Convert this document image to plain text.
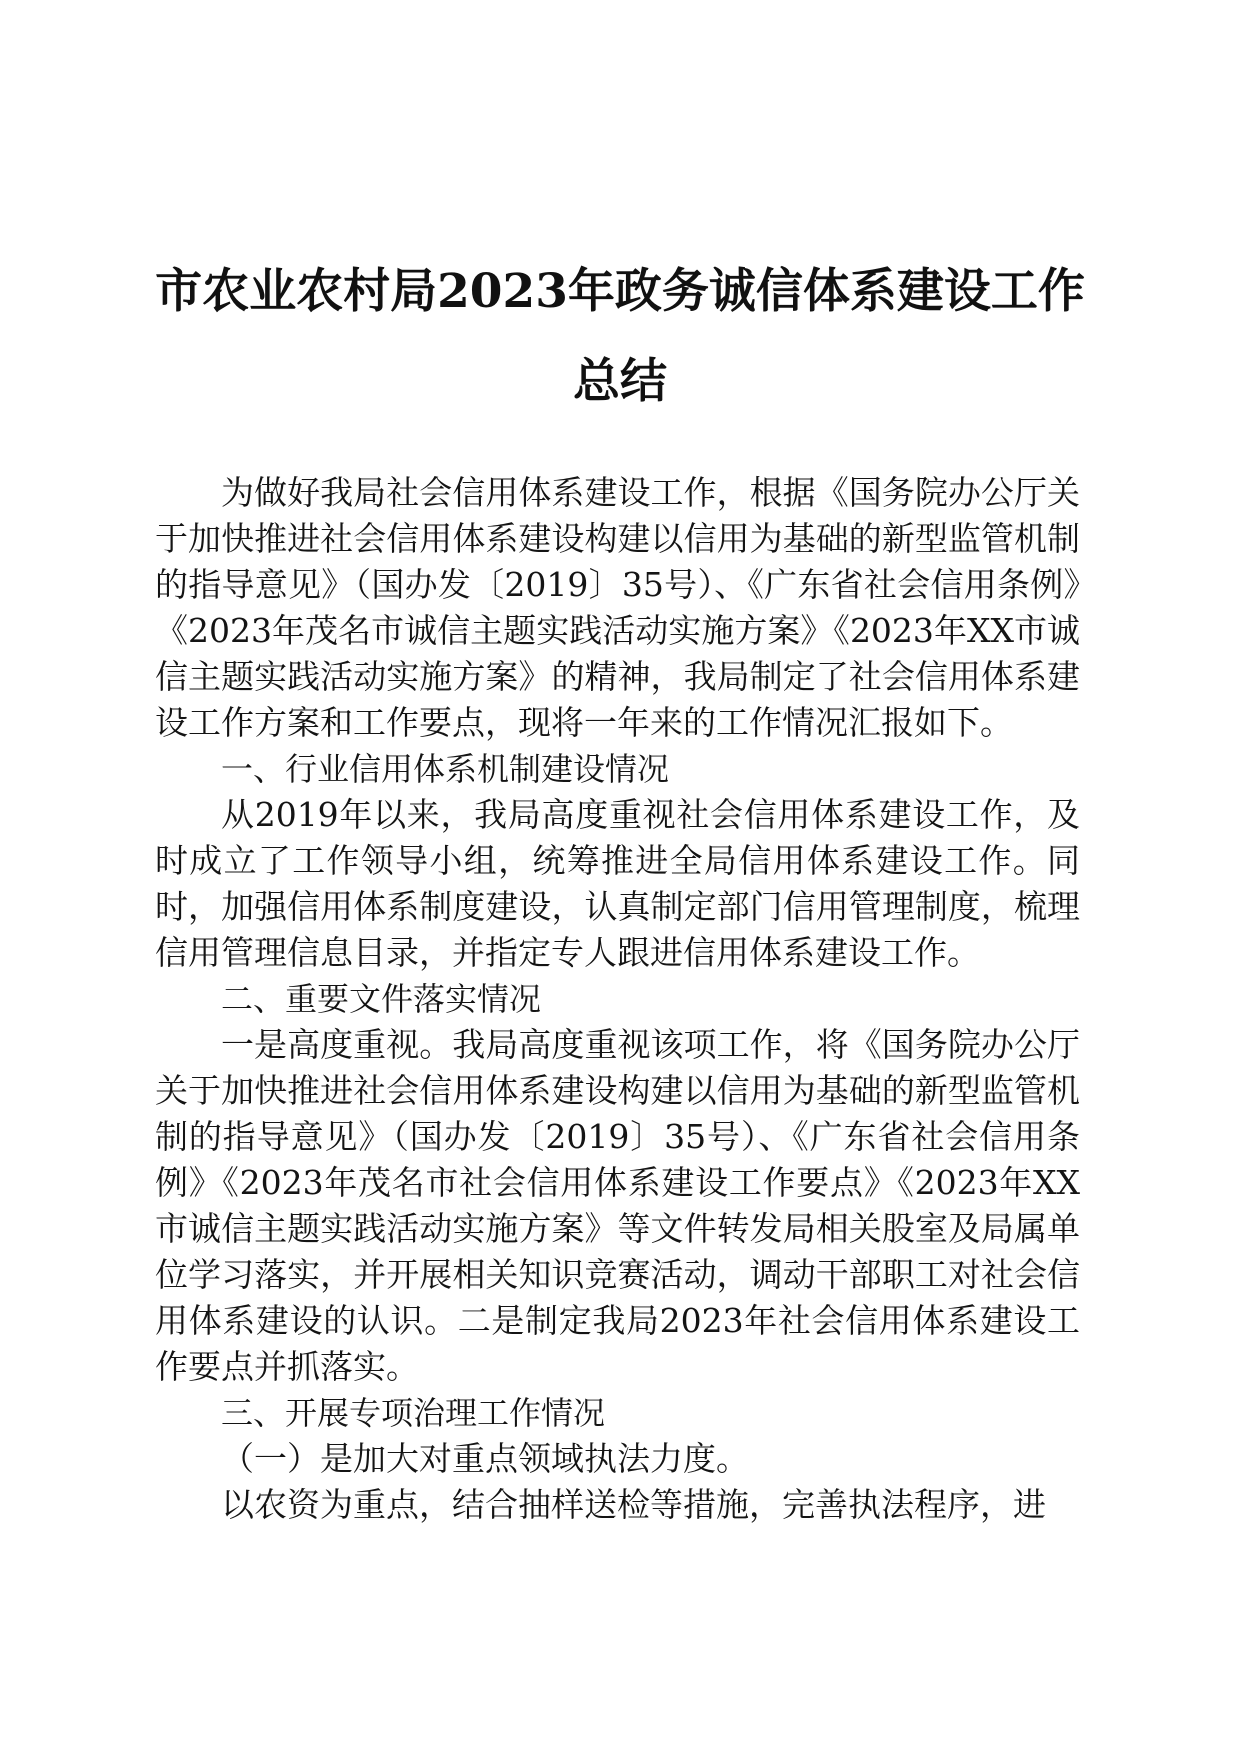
市农业农村局2023年政务诚信体系建设工作
总结

为做好我局社会信用体系建设工作，根据《国务院办公厅关于加快推进社会信用体系建设构建以信用为基础的新型监管机制的指导意见》（国办发〔2019〕35号）、《广东省社会信用条例》《2023年茂名市诚信主题实践活动实施方案》《2023年XX市诚信主题实践活动实施方案》的精神，我局制定了社会信用体系建设工作方案和工作要点，现将一年来的工作情况汇报如下。

一、行业信用体系机制建设情况

从2019年以来，我局高度重视社会信用体系建设工作，及时成立了工作领导小组，统筹推进全局信用体系建设工作。同时，加强信用体系制度建设，认真制定部门信用管理制度，梳理信用管理信息目录，并指定专人跟进信用体系建设工作。

二、重要文件落实情况

一是高度重视。我局高度重视该项工作，将《国务院办公厅关于加快推进社会信用体系建设构建以信用为基础的新型监管机制的指导意见》（国办发〔2019〕35号）、《广东省社会信用条例》《2023年茂名市社会信用体系建设工作要点》《2023年XX市诚信主题实践活动实施方案》等文件转发局相关股室及局属单位学习落实，并开展相关知识竞赛活动，调动干部职工对社会信用体系建设的认识。二是制定我局2023年社会信用体系建设工作要点并抓落实。

三、开展专项治理工作情况

（一）是加大对重点领域执法力度。

以农资为重点，结合抽样送检等措施，完善执法程序，进
